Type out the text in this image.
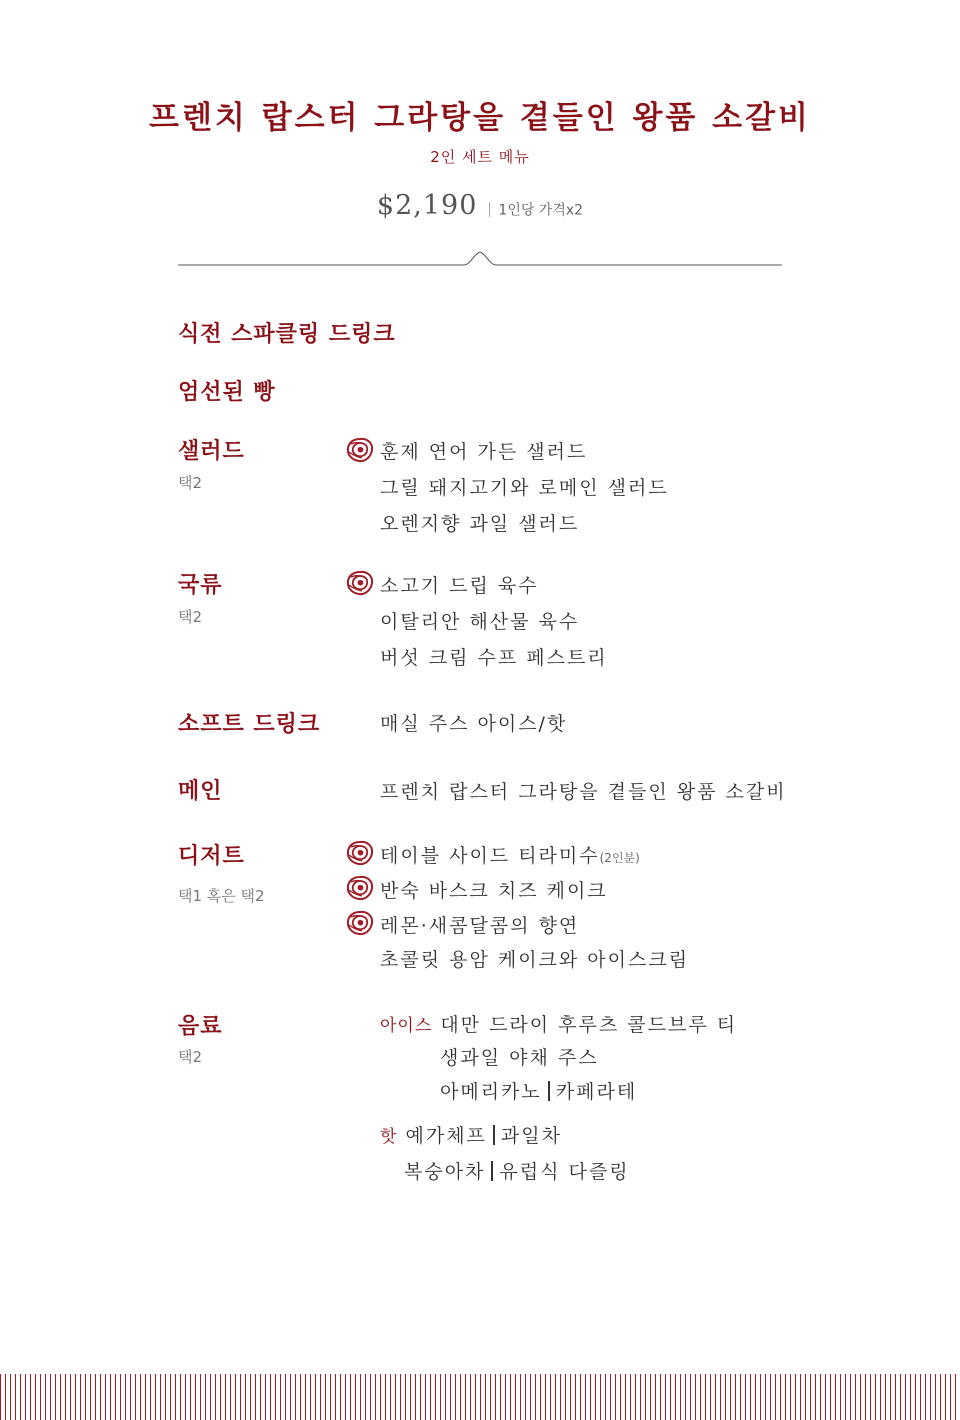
프렌치 랍스터 그라탕을 곁들인 왕품 소갈비
2인 세트 메뉴
$2,190 1인당 가격x2
식전 스파클링 드링크
엄선된 빵
샐러드
택2
훈제 연어 가든 샐러드
그릴 돼지고기와 로메인 샐러드
오렌지향 과일 샐러드
국류
택2
소고기 드립 육수
이탈리안 해산물 육수
버섯 크림 수프 페스트리
소프트 드링크	매실 주스 아이스/핫
메인	프렌치 랍스터 그라탕을 곁들인 왕품 소갈비
디저트
택1 혹은 택2
테이블 사이드 티라미수(2인분)
반숙 바스크 치즈 케이크
레몬·새콤달콤의 향연
초콜릿 용암 케이크와 아이스크림
음료
택2
아이스 대만 드라이 후루츠 콜드브루 티
생과일 야채 주스
아메리카노 카페라테
핫 예가체프 과일차
복숭아차 유럽식 다즐링
